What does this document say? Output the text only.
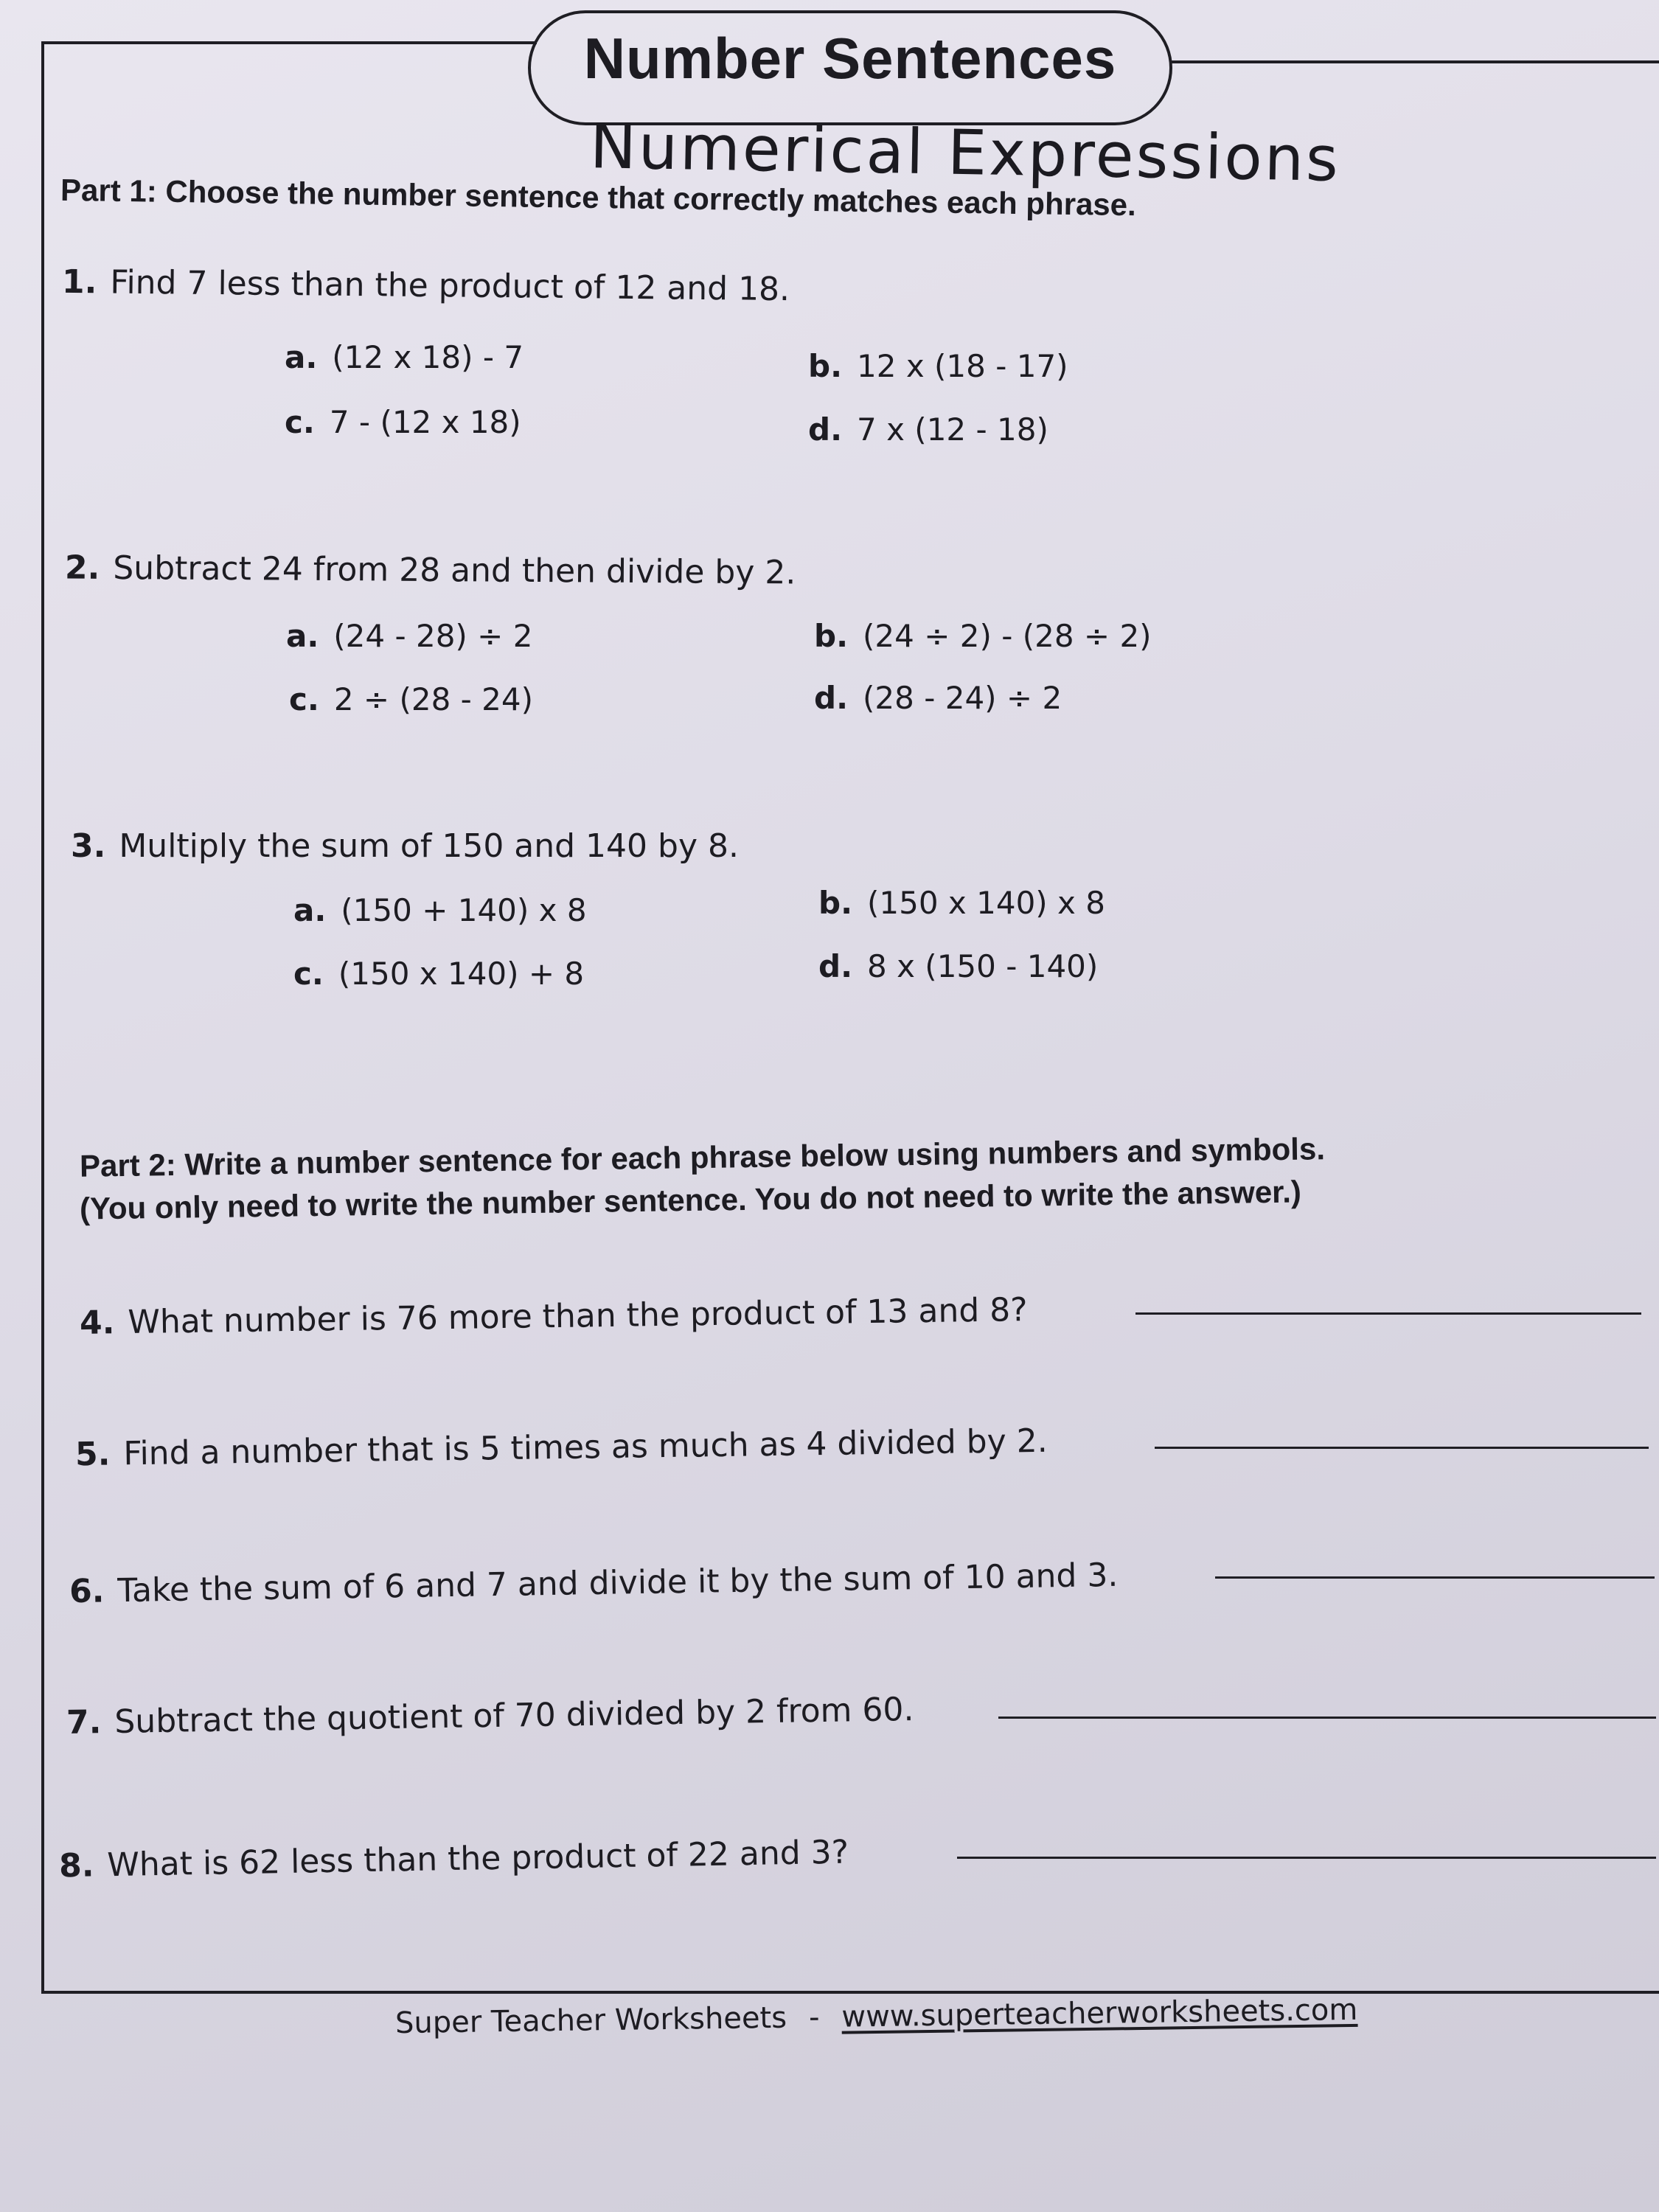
Number Sentences
Numerical Expressions
Part 1: Choose the number sentence that correctly matches each phrase.
1. Find 7 less than the product of 12 and 18.
a. (12 x 18) - 7	b. 12 x (18 - 17)
c. 7 - (12 x 18)	d. 7 x (12 - 18)
2. Subtract 24 from 28 and then divide by 2.
a. (24 - 28) ÷ 2	b. (24 ÷ 2) - (28 ÷ 2)
c. 2 ÷ (28 - 24)	d. (28 - 24) ÷ 2
3. Multiply the sum of 150 and 140 by 8.
a. (150 + 140) x 8	b. (150 x 140) x 8
c. (150 x 140) + 8	d. 8 x (150 - 140)
Part 2: Write a number sentence for each phrase below using numbers and symbols.
(You only need to write the number sentence. You do not need to write the answer.)
4. What number is 76 more than the product of 13 and 8?
5. Find a number that is 5 times as much as 4 divided by 2.
6. Take the sum of 6 and 7 and divide it by the sum of 10 and 3.
7. Subtract the quotient of 70 divided by 2 from 60.
8. What is 62 less than the product of 22 and 3?
Super Teacher Worksheets - www.superteacherworksheets.com
